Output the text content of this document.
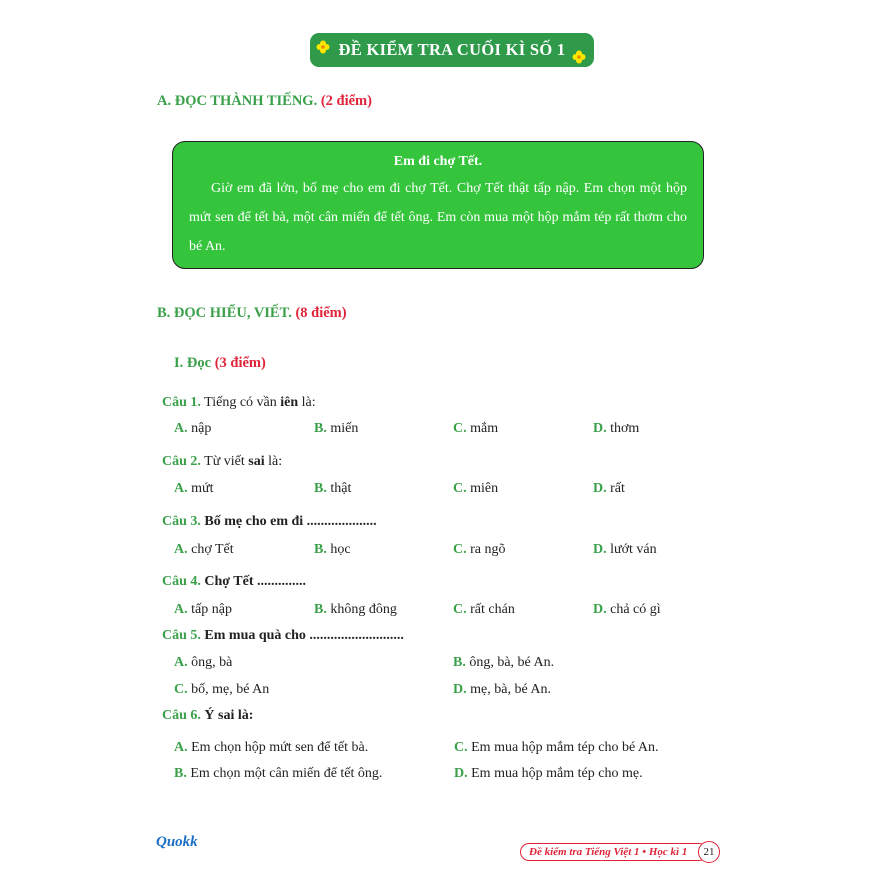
ĐỀ KIỂM TRA CUỐI KÌ SỐ 1
A. ĐỌC THÀNH TIẾNG. (2 điểm)
Em đi chợ Tết.
Giờ em đã lớn, bố mẹ cho em đi chợ Tết. Chợ Tết thật tấp nập. Em chọn một hộp mứt sen để tết bà, một cân miến để tết ông. Em còn mua một hộp mắm tép rất thơm cho bé An.
B. ĐỌC HIỂU, VIẾT. (8 điểm)
I. Đọc (3 điểm)
Câu 1. Tiếng có vần iên là:
A. nập	B. miến	C. mắm	D. thơm
Câu 2. Từ viết sai là:
A. mứt	B. thật	C. miên	D. rất
Câu 3. Bố mẹ cho em đi ....................
A. chợ Tết	B. học	C. ra ngõ	D. lướt ván
Câu 4. Chợ Tết ..............
A. tấp nập	B. không đông	C. rất chán	D. chả có gì
Câu 5. Em mua quà cho ...........................
A. ông, bà	B. ông, bà, bé An.
C. bố, mẹ, bé An	D. mẹ, bà, bé An.
Câu 6. Ý sai là:
A. Em chọn hộp mứt sen để tết bà.	C. Em mua hộp mắm tép cho bé An.
B. Em chọn một cân miến để tết ông.	D. Em mua hộp mắm tép cho mẹ.
Quokk
Đề kiểm tra Tiếng Việt 1 • Học kì 1	21
